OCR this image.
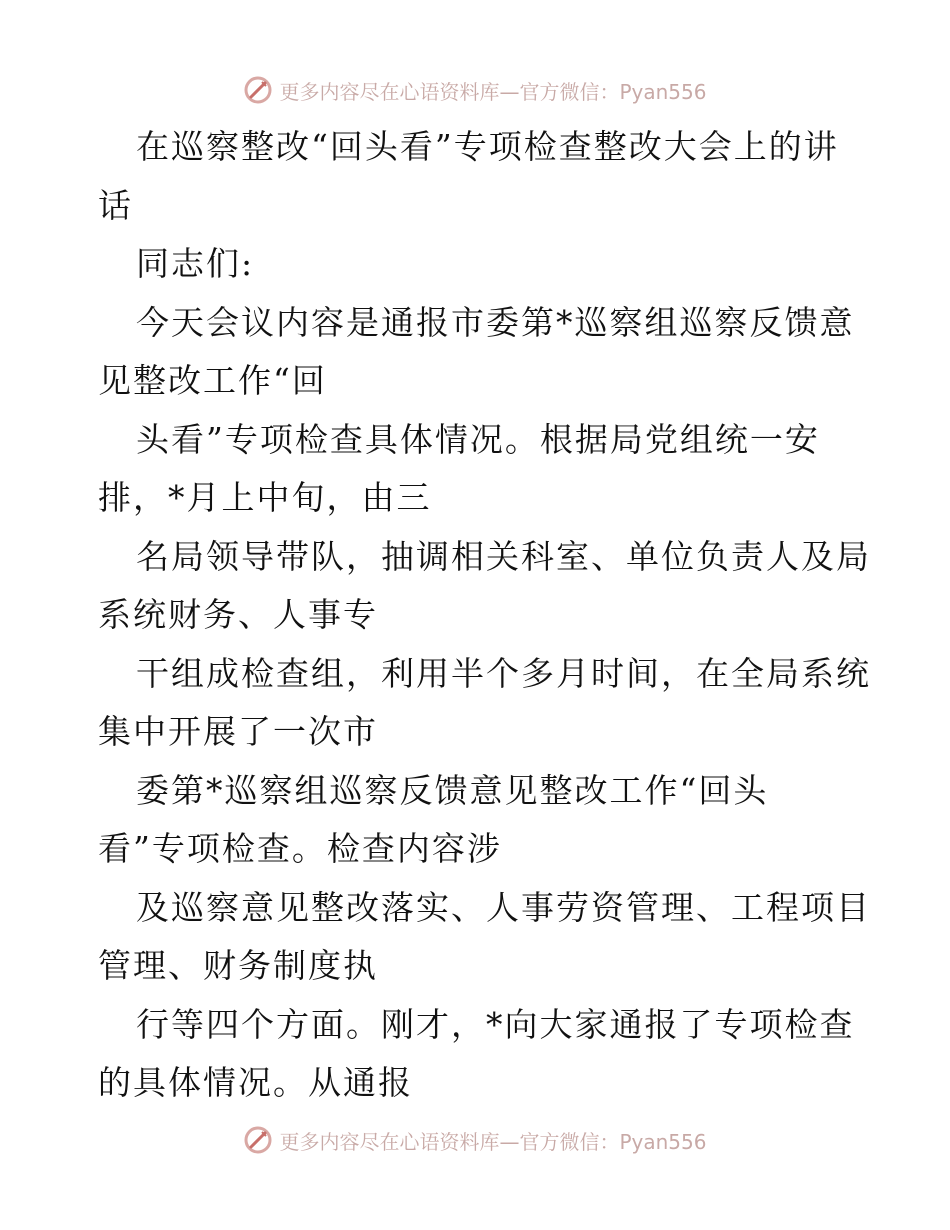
更多内容尽在心语资料库—官方微信：Pyan556
在巡察整改“回头看”专项检查整改大会上的讲
话
同志们:
今天会议内容是通报市委第*巡察组巡察反馈意
见整改工作“回
头看”专项检查具体情况。根据局党组统一安
排，*月上中旬，由三
名局领导带队，抽调相关科室、单位负责人及局
系统财务、人事专
干组成检查组，利用半个多月时间，在全局系统
集中开展了一次市
委第*巡察组巡察反馈意见整改工作“回头
看”专项检查。检查内容涉
及巡察意见整改落实、人事劳资管理、工程项目
管理、财务制度执
行等四个方面。刚才，*向大家通报了专项检查
的具体情况。从通报
更多内容尽在心语资料库—官方微信：Pyan556
